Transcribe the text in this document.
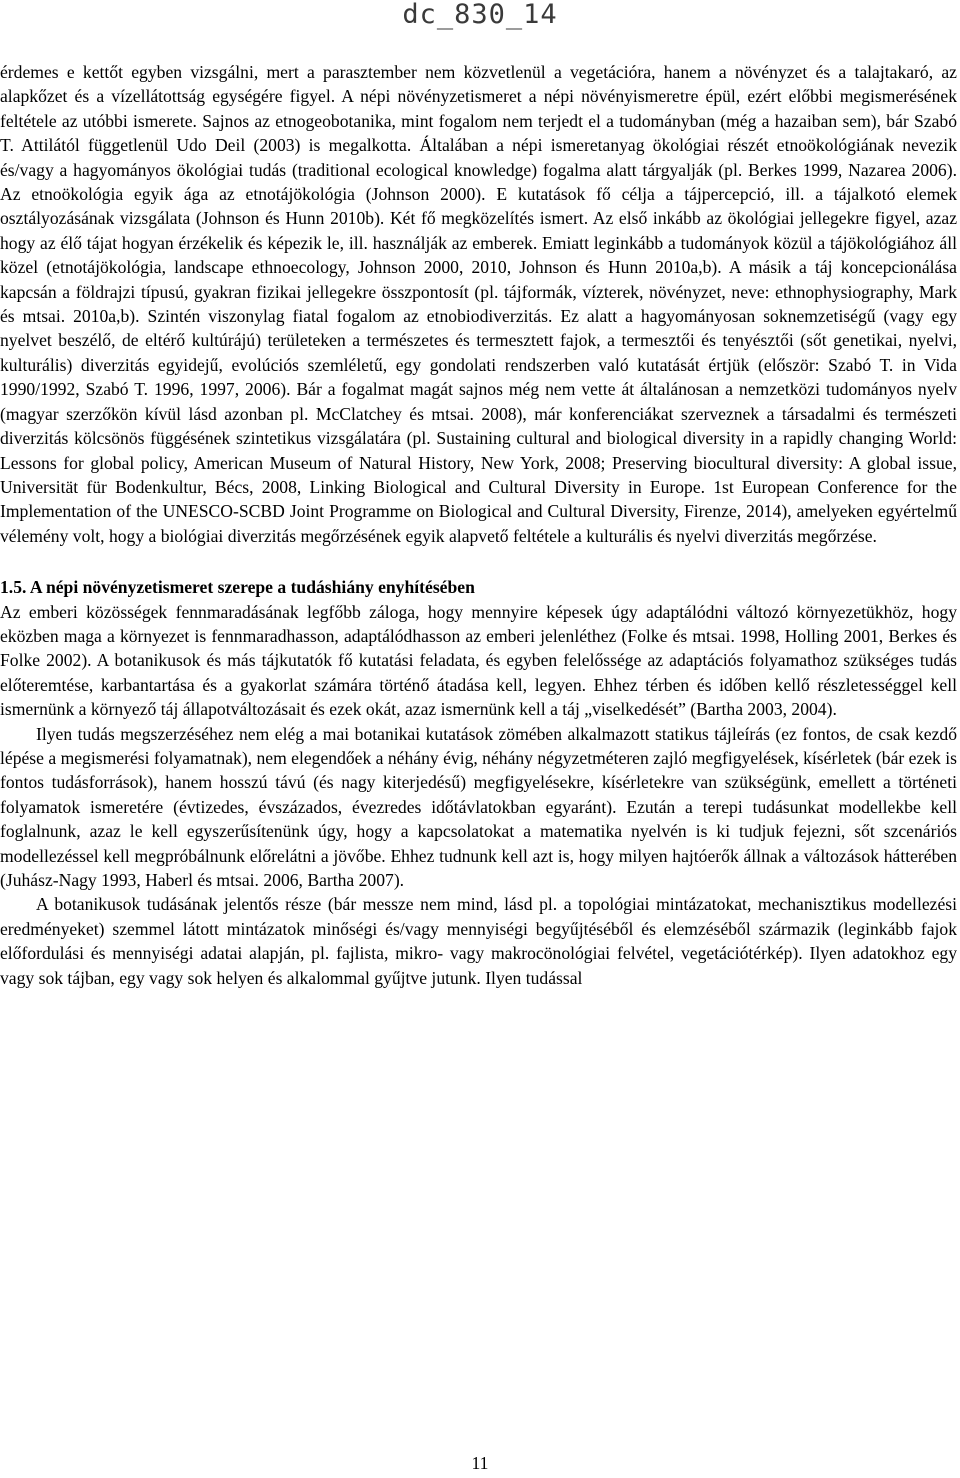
dc_830_14

érdemes e kettőt egyben vizsgálni, mert a parasztember nem közvetlenül a vegetációra, hanem a növényzet és a talajtakaró, az alapkőzet és a vízellátottság egységére figyel. A népi növényzetismeret a népi növényismeretre épül, ezért előbbi megismerésének feltétele az utóbbi ismerete. Sajnos az etnogeobotanika, mint fogalom nem terjedt el a tudományban (még a hazaiban sem), bár Szabó T. Attilától függetlenül Udo Deil (2003) is megalkotta. Általában a népi ismeretanyag ökológiai részét etnoökológiának nevezik és/vagy a hagyományos ökológiai tudás (traditional ecological knowledge) fogalma alatt tárgyalják (pl. Berkes 1999, Nazarea 2006). Az etnoökológia egyik ága az etnotájökológia (Johnson 2000). E kutatások fő célja a tájpercepció, ill. a tájalkotó elemek osztályozásának vizsgálata (Johnson és Hunn 2010b). Két fő megközelítés ismert. Az első inkább az ökológiai jellegekre figyel, azaz hogy az élő tájat hogyan érzékelik és képezik le, ill. használják az emberek. Emiatt leginkább a tudományok közül a tájökológiához áll közel (etnotájökológia, landscape ethnoecology, Johnson 2000, 2010, Johnson és Hunn 2010a,b). A másik a táj koncepcionálása kapcsán a földrajzi típusú, gyakran fizikai jellegekre összpontosít (pl. tájformák, vízterek, növényzet, neve: ethnophysiography, Mark és mtsai. 2010a,b). Szintén viszonylag fiatal fogalom az etnobiodiverzitás. Ez alatt a hagyományosan soknemzetiségű (vagy egy nyelvet beszélő, de eltérő kultúrájú) területeken a természetes és termesztett fajok, a termesztői és tenyésztői (sőt genetikai, nyelvi, kulturális) diverzitás egyidejű, evolúciós szemléletű, egy gondolati rendszerben való kutatását értjük (először: Szabó T. in Vida 1990/1992, Szabó T. 1996, 1997, 2006). Bár a fogalmat magát sajnos még nem vette át általánosan a nemzetközi tudományos nyelv (magyar szerzőkön kívül lásd azonban pl. McClatchey és mtsai. 2008), már konferenciákat szerveznek a társadalmi és természeti diverzitás kölcsönös függésének szintetikus vizsgálatára (pl. Sustaining cultural and biological diversity in a rapidly changing World: Lessons for global policy, American Museum of Natural History, New York, 2008; Preserving biocultural diversity: A global issue, Universität für Bodenkultur, Bécs, 2008, Linking Biological and Cultural Diversity in Europe. 1st European Conference for the Implementation of the UNESCO-SCBD Joint Programme on Biological and Cultural Diversity, Firenze, 2014), amelyeken egyértelmű vélemény volt, hogy a biológiai diverzitás megőrzésének egyik alapvető feltétele a kulturális és nyelvi diverzitás megőrzése.

1.5. A népi növényzetismeret szerepe a tudáshiány enyhítésében

Az emberi közösségek fennmaradásának legfőbb záloga, hogy mennyire képesek úgy adaptálódni változó környezetükhöz, hogy eközben maga a környezet is fennmaradhasson, adaptálódhasson az emberi jelenléthez (Folke és mtsai. 1998, Holling 2001, Berkes és Folke 2002). A botanikusok és más tájkutatók fő kutatási feladata, és egyben felelőssége az adaptációs folyamathoz szükséges tudás előteremtése, karbantartása és a gyakorlat számára történő átadása kell, legyen. Ehhez térben és időben kellő részletességgel kell ismernünk a környező táj állapotváltozásait és ezek okát, azaz ismernünk kell a táj „viselkedését” (Bartha 2003, 2004).

Ilyen tudás megszerzéséhez nem elég a mai botanikai kutatások zömében alkalmazott statikus tájleírás (ez fontos, de csak kezdő lépése a megismerési folyamatnak), nem elegendőek a néhány évig, néhány négyzetméteren zajló megfigyelések, kísérletek (bár ezek is fontos tudásforrások), hanem hosszú távú (és nagy kiterjedésű) megfigyelésekre, kísérletekre van szükségünk, emellett a történeti folyamatok ismeretére (évtizedes, évszázados, évezredes időtávlatokban egyaránt). Ezután a terepi tudásunkat modellekbe kell foglalnunk, azaz le kell egyszerűsítenünk úgy, hogy a kapcsolatokat a matematika nyelvén is ki tudjuk fejezni, sőt szcenáriós modellezéssel kell megpróbálnunk előrelátni a jövőbe. Ehhez tudnunk kell azt is, hogy milyen hajtóerők állnak a változások hátterében (Juhász-Nagy 1993, Haberl és mtsai. 2006, Bartha 2007).

A botanikusok tudásának jelentős része (bár messze nem mind, lásd pl. a topológiai mintázatokat, mechanisztikus modellezési eredményeket) szemmel látott mintázatok minőségi és/vagy mennyiségi begyűjtéséből és elemzéséből származik (leginkább fajok előfordulási és mennyiségi adatai alapján, pl. fajlista, mikro- vagy makrocönológiai felvétel, vegetációtérkép). Ilyen adatokhoz egy vagy sok tájban, egy vagy sok helyen és alkalommal gyűjtve jutunk. Ilyen tudással

11
